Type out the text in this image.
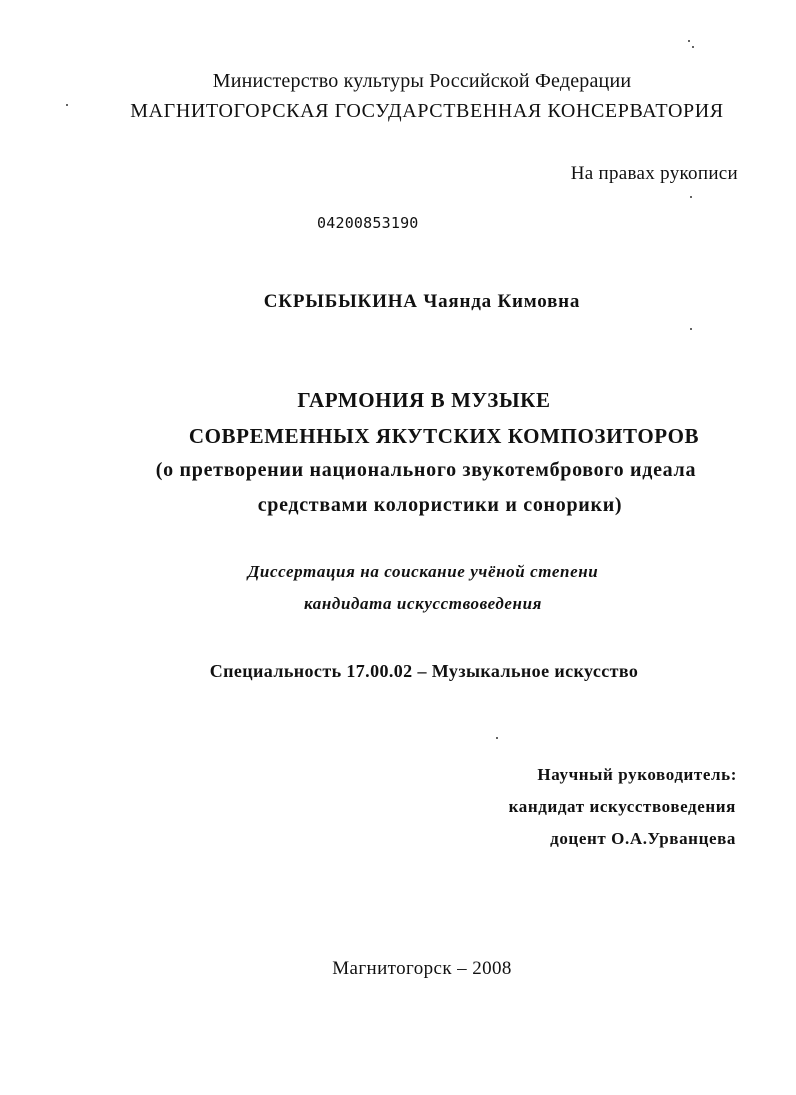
Министерство культуры Российской Федерации
МАГНИТОГОРСКАЯ ГОСУДАРСТВЕННАЯ КОНСЕРВАТОРИЯ
На правах рукописи
04200853190
СКРЫБЫКИНА Чаянда Кимовна
ГАРМОНИЯ В МУЗЫКЕ
СОВРЕМЕННЫХ ЯКУТСКИХ КОМПОЗИТОРОВ
(о претворении национального звукотембрового идеала
средствами колористики и сонорики)
Диссертация на соискание учёной степени
кандидата искусствоведения
Специальность 17.00.02 – Музыкальное искусство
Научный руководитель:
кандидат искусствоведения
доцент О.А.Урванцева
Магнитогорск – 2008
